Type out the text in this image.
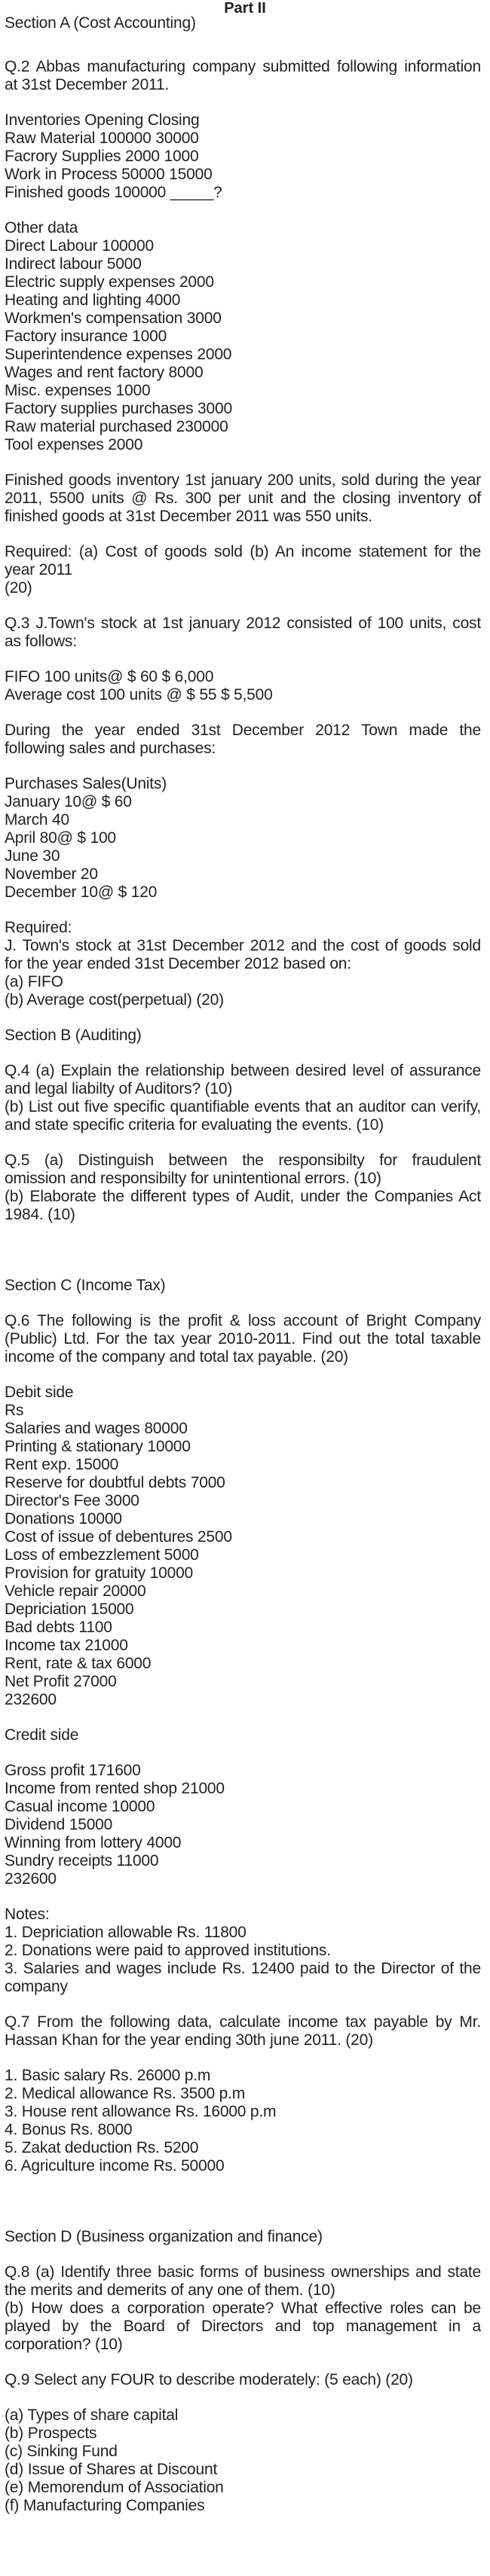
Part II
Section A (Cost Accounting)
Q.2 Abbas manufacturing company submitted following information
at 31st December 2011.
Inventories Opening Closing
Raw Material 100000 30000
Facrory Supplies 2000 1000
Work in Process 50000 15000
Finished goods 100000 _____?
Other data
Direct Labour 100000
Indirect labour 5000
Electric supply expenses 2000
Heating and lighting 4000
Workmen's compensation 3000
Factory insurance 1000
Superintendence expenses 2000
Wages and rent factory 8000
Misc. expenses 1000
Factory supplies purchases 3000
Raw material purchased 230000
Tool expenses 2000
Finished goods inventory 1st january 200 units, sold during the year
2011, 5500 units @ Rs. 300 per unit and the closing inventory of
finished goods at 31st December 2011 was 550 units.
Required: (a) Cost of goods sold (b) An income statement for the
year 2011
(20)
Q.3 J.Town's stock at 1st january 2012 consisted of 100 units, cost
as follows:
FIFO 100 units@ $ 60 $ 6,000
Average cost 100 units @ $ 55 $ 5,500
During the year ended 31st December 2012 Town made the
following sales and purchases:
Purchases Sales(Units)
January 10@ $ 60
March 40
April 80@ $ 100
June 30
November 20
December 10@ $ 120
Required:
J. Town's stock at 31st December 2012 and the cost of goods sold
for the year ended 31st December 2012 based on:
(a) FIFO
(b) Average cost(perpetual) (20)
Section B (Auditing)
Q.4 (a) Explain the relationship between desired level of assurance
and legal liabilty of Auditors? (10)
(b) List out five specific quantifiable events that an auditor can verify,
and state specific criteria for evaluating the events. (10)
Q.5 (a) Distinguish between the responsibilty for fraudulent
omission and responsibilty for unintentional errors. (10)
(b) Elaborate the different types of Audit, under the Companies Act
1984. (10)
Section C (Income Tax)
Q.6 The following is the profit & loss account of Bright Company
(Public) Ltd. For the tax year 2010-2011. Find out the total taxable
income of the company and total tax payable. (20)
Debit side
Rs
Salaries and wages 80000
Printing & stationary 10000
Rent exp. 15000
Reserve for doubtful debts 7000
Director's Fee 3000
Donations 10000
Cost of issue of debentures 2500
Loss of embezzlement 5000
Provision for gratuity 10000
Vehicle repair 20000
Depriciation 15000
Bad debts 1100
Income tax 21000
Rent, rate & tax 6000
Net Profit 27000
232600
Credit side
Gross profit 171600
Income from rented shop 21000
Casual income 10000
Dividend 15000
Winning from lottery 4000
Sundry receipts 11000
232600
Notes:
1. Depriciation allowable Rs. 11800
2. Donations were paid to approved institutions.
3. Salaries and wages include Rs. 12400 paid to the Director of the
company
Q.7 From the following data, calculate income tax payable by Mr.
Hassan Khan for the year ending 30th june 2011. (20)
1. Basic salary Rs. 26000 p.m
2. Medical allowance Rs. 3500 p.m
3. House rent allowance Rs. 16000 p.m
4. Bonus Rs. 8000
5. Zakat deduction Rs. 5200
6. Agriculture income Rs. 50000
Section D (Business organization and finance)
Q.8 (a) Identify three basic forms of business ownerships and state
the merits and demerits of any one of them. (10)
(b) How does a corporation operate? What effective roles can be
played by the Board of Directors and top management in a
corporation? (10)
Q.9 Select any FOUR to describe moderately: (5 each) (20)
(a) Types of share capital
(b) Prospects
(c) Sinking Fund
(d) Issue of Shares at Discount
(e) Memorendum of Association
(f) Manufacturing Companies
